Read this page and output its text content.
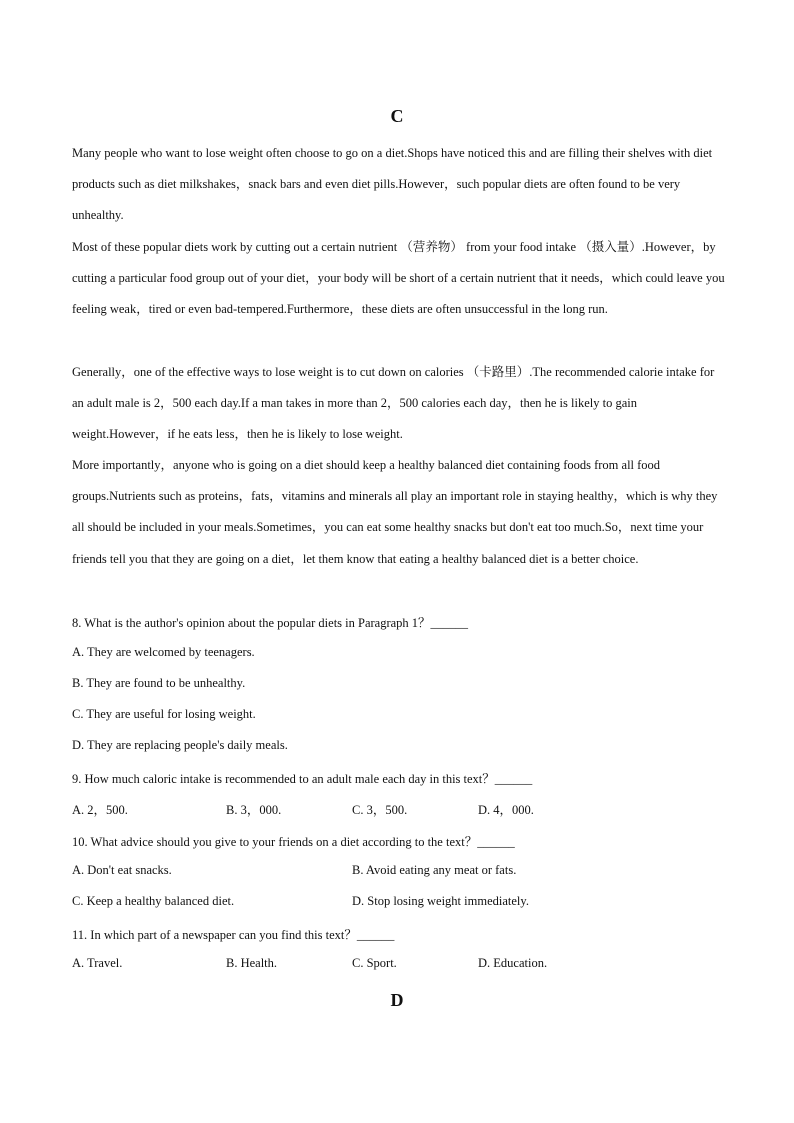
C

Many people who want to lose weight often choose to go on a diet.Shops have noticed this and are filling their shelves with diet products such as diet milkshakes，snack bars and even diet pills.However，such popular diets are often found to be very unhealthy.

Most of these popular diets work by cutting out a certain nutrient （营养物） from your food intake （摄入量）.However，by cutting a particular food group out of your diet，your body will be short of a certain nutrient that it needs，which could leave you feeling weak，tired or even bad-tempered.Furthermore，these diets are often unsuccessful in the long run.

Generally，one of the effective ways to lose weight is to cut down on calories （卡路里）.The recommended calorie intake for an adult male is 2，500 each day.If a man takes in more than 2，500 calories each day，then he is likely to gain weight.However，if he eats less，then he is likely to lose weight.

More importantly，anyone who is going on a diet should keep a healthy balanced diet containing foods from all food groups.Nutrients such as proteins，fats，vitamins and minerals all play an important role in staying healthy，which is why they all should be included in your meals.Sometimes，you can eat some healthy snacks but don't eat too much.So，next time your friends tell you that they are going on a diet，let them know that eating a healthy balanced diet is a better choice.

8. What is the author's opinion about the popular diets in Paragraph 1？______
A. They are welcomed by teenagers.
B. They are found to be unhealthy.
C. They are useful for losing weight.
D. They are replacing people's daily meals.
9. How much caloric intake is recommended to an adult male each day in this text？______
A. 2，500.	B. 3，000.	C. 3，500.	D. 4，000.
10. What advice should you give to your friends on a diet according to the text？______
A. Don't eat snacks.	B. Avoid eating any meat or fats.
C. Keep a healthy balanced diet.	D. Stop losing weight immediately.
11. In which part of a newspaper can you find this text？______
A. Travel.	B. Health.	C. Sport.	D. Education.
D
